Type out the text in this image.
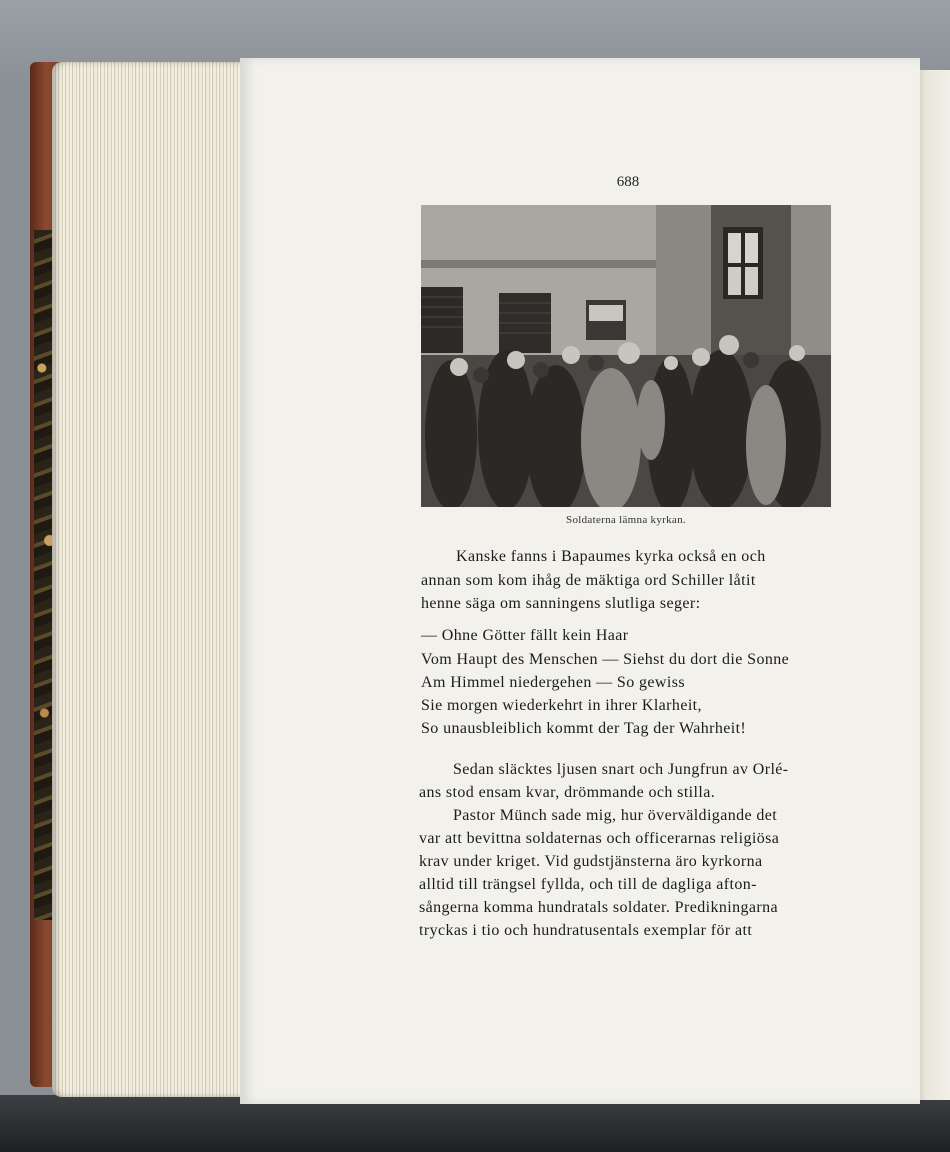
688
Soldaterna lämna kyrkan.
Kanske fanns i Bapaumes kyrka också en och
annan som kom ihåg de mäktiga ord Schiller låtit
henne säga om sanningens slutliga seger:
— Ohne Götter fällt kein Haar
Vom Haupt des Menschen — Siehst du dort die Sonne
Am Himmel niedergehen — So gewiss
Sie morgen wiederkehrt in ihrer Klarheit,
So unausbleiblich kommt der Tag der Wahrheit!
Sedan släcktes ljusen snart och Jungfrun av Orlé-
ans stod ensam kvar, drömmande och stilla.
Pastor Münch sade mig, hur överväldigande det
var att bevittna soldaternas och officerarnas religiösa
krav under kriget. Vid gudstjänsterna äro kyrkorna
alltid till trängsel fyllda, och till de dagliga afton-
sångerna komma hundratals soldater. Predikningarna
tryckas i tio och hundratusentals exemplar för att
